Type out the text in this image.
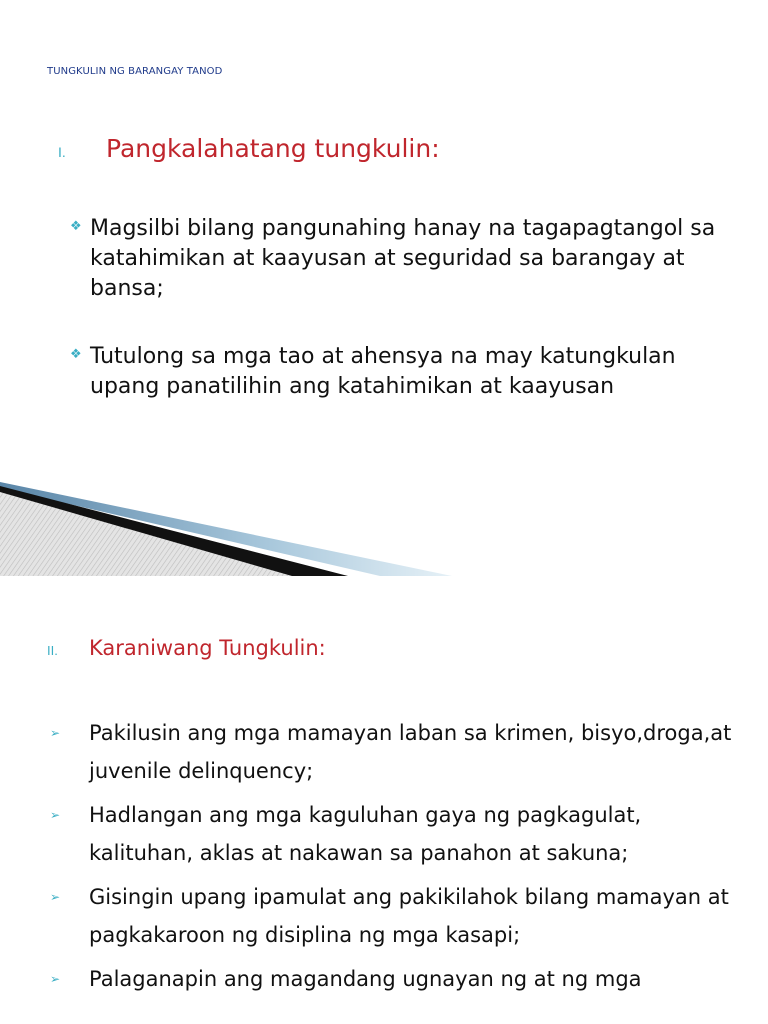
TUNGKULIN NG BARANGAY TANOD
I.	Pangkalahatang tungkulin:
❖ Magsilbi bilang pangunahing hanay na tagapagtangol sa katahimikan at kaayusan at seguridad sa barangay at bansa;
❖ Tutulong sa mga tao at ahensya na may katungkulan upang panatilihin ang katahimikan at kaayusan
II.	Karaniwang Tungkulin:
➢ Pakilusin ang mga mamayan laban sa krimen, bisyo,droga,at juvenile delinquency;
➢ Hadlangan ang mga kaguluhan gaya ng pagkagulat, kalituhan, aklas at nakawan sa panahon at sakuna;
➢ Gisingin upang ipamulat ang pakikilahok bilang mamayan at pagkakaroon ng disiplina ng mga kasapi;
➢ Palaganapin ang magandang ugnayan ng at ng mga
